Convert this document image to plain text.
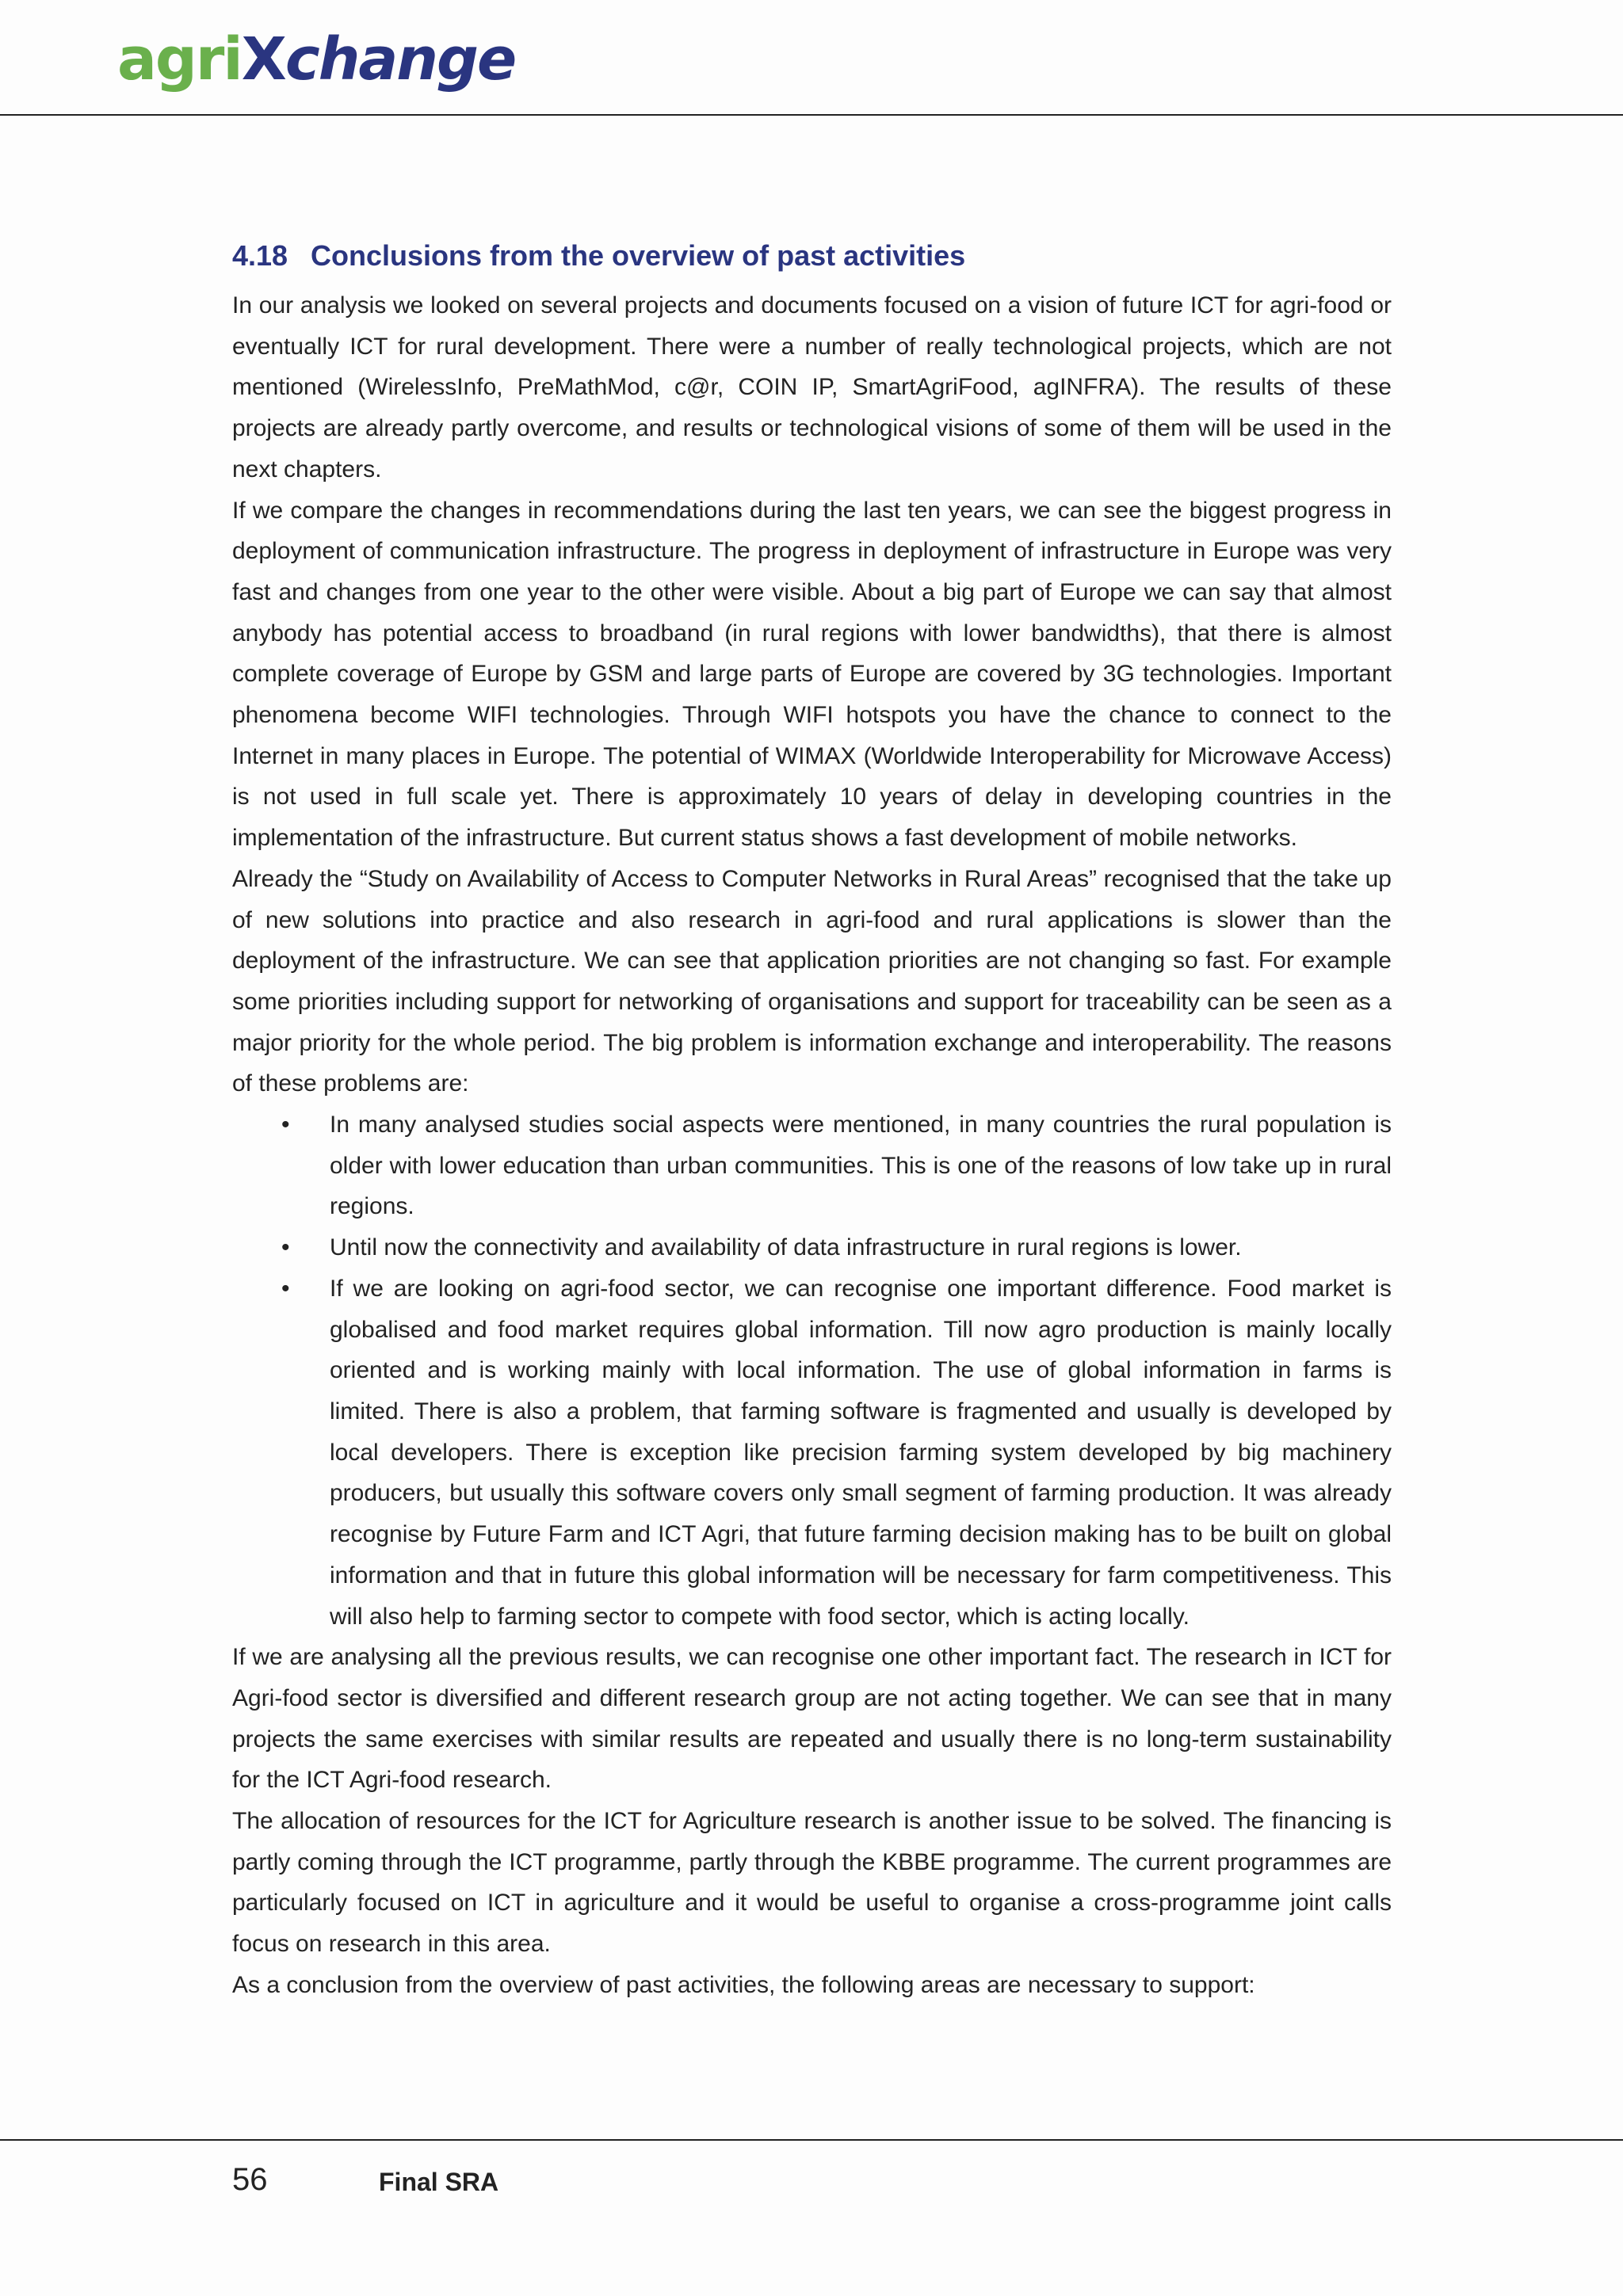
agriXchange
4.18 Conclusions from the overview of past activities

In our analysis we looked on several projects and documents focused on a vision of future ICT for agri-food or eventually ICT for rural development. There were a number of really technological projects, which are not mentioned (WirelessInfo, PreMathMod, c@r, COIN IP, SmartAgriFood, agINFRA). The results of these projects are already partly overcome, and results or technological visions of some of them will be used in the next chapters.

If we compare the changes in recommendations during the last ten years, we can see the biggest progress in deployment of communication infrastructure. The progress in deployment of infrastructure in Europe was very fast and changes from one year to the other were visible. About a big part of Europe we can say that almost anybody has potential access to broadband (in rural regions with lower bandwidths), that there is almost complete coverage of Europe by GSM and large parts of Europe are covered by 3G technologies. Important phenomena become WIFI technologies. Through WIFI hotspots you have the chance to connect to the Internet in many places in Europe. The potential of WIMAX (Worldwide Interoperability for Microwave Access) is not used in full scale yet. There is approximately 10 years of delay in developing countries in the implementation of the infrastructure. But current status shows a fast development of mobile networks.

Already the “Study on Availability of Access to Computer Networks in Rural Areas” recognised that the take up of new solutions into practice and also research in agri-food and rural applications is slower than the deployment of the infrastructure. We can see that application priorities are not changing so fast. For example some priorities including support for networking of organisations and support for traceability can be seen as a major priority for the whole period. The big problem is information exchange and interoperability. The reasons of these problems are:

• In many analysed studies social aspects were mentioned, in many countries the rural population is older with lower education than urban communities. This is one of the reasons of low take up in rural regions.
• Until now the connectivity and availability of data infrastructure in rural regions is lower.
• If we are looking on agri-food sector, we can recognise one important difference. Food market is globalised and food market requires global information. Till now agro production is mainly locally oriented and is working mainly with local information. The use of global information in farms is limited. There is also a problem, that farming software is fragmented and usually is developed by local developers. There is exception like precision farming system developed by big machinery producers, but usually this software covers only small segment of farming production. It was already recognise by Future Farm and ICT Agri, that future farming decision making has to be built on global information and that in future this global information will be necessary for farm competitiveness. This will also help to farming sector to compete with food sector, which is acting locally.

If we are analysing all the previous results, we can recognise one other important fact. The research in ICT for Agri-food sector is diversified and different research group are not acting together. We can see that in many projects the same exercises with similar results are repeated and usually there is no long-term sustainability for the ICT Agri-food research.

The allocation of resources for the ICT for Agriculture research is another issue to be solved. The financing is partly coming through the ICT programme, partly through the KBBE programme. The current programmes are particularly focused on ICT in agriculture and it would be useful to organise a cross-programme joint calls focus on research in this area.

As a conclusion from the overview of past activities, the following areas are necessary to support:

56	Final SRA
